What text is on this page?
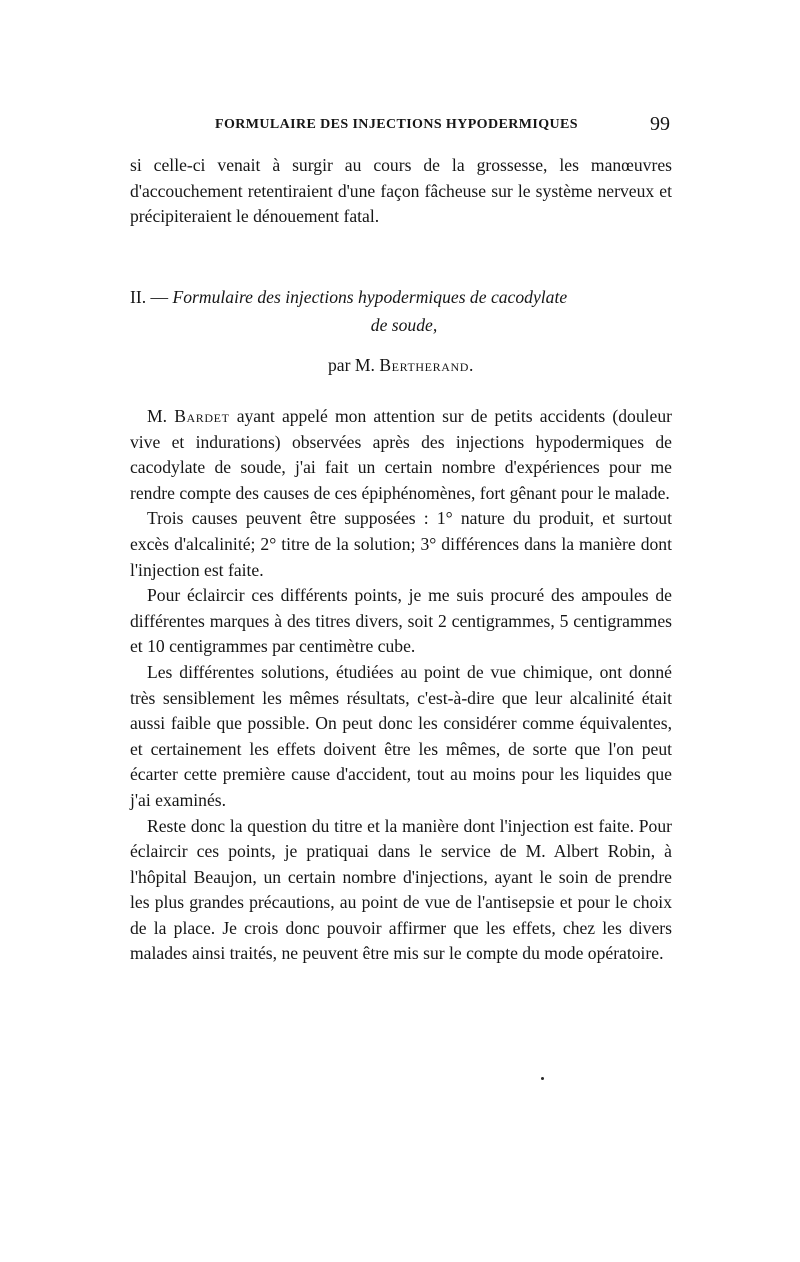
FORMULAIRE DES INJECTIONS HYPODERMIQUES	99

si celle-ci venait à surgir au cours de la grossesse, les manœuvres d'accouchement retentiraient d'une façon fâcheuse sur le système nerveux et précipiteraient le dénouement fatal.

II. — Formulaire des injections hypodermiques de cacodylate
de soude,
par M. Bertherand.

M. Bardet ayant appelé mon attention sur de petits accidents (douleur vive et indurations) observées après des injections hypodermiques de cacodylate de soude, j'ai fait un certain nombre d'expériences pour me rendre compte des causes de ces épiphénomènes, fort gênant pour le malade.

Trois causes peuvent être supposées : 1° nature du produit, et surtout excès d'alcalinité; 2° titre de la solution; 3° différences dans la manière dont l'injection est faite.

Pour éclaircir ces différents points, je me suis procuré des ampoules de différentes marques à des titres divers, soit 2 centigrammes, 5 centigrammes et 10 centigrammes par centimètre cube.

Les différentes solutions, étudiées au point de vue chimique, ont donné très sensiblement les mêmes résultats, c'est-à-dire que leur alcalinité était aussi faible que possible. On peut donc les considérer comme équivalentes, et certainement les effets doivent être les mêmes, de sorte que l'on peut écarter cette première cause d'accident, tout au moins pour les liquides que j'ai examinés.

Reste donc la question du titre et la manière dont l'injection est faite. Pour éclaircir ces points, je pratiquai dans le service de M. Albert Robin, à l'hôpital Beaujon, un certain nombre d'injections, ayant le soin de prendre les plus grandes précautions, au point de vue de l'antisepsie et pour le choix de la place. Je crois donc pouvoir affirmer que les effets, chez les divers malades ainsi traités, ne peuvent être mis sur le compte du mode opératoire.
